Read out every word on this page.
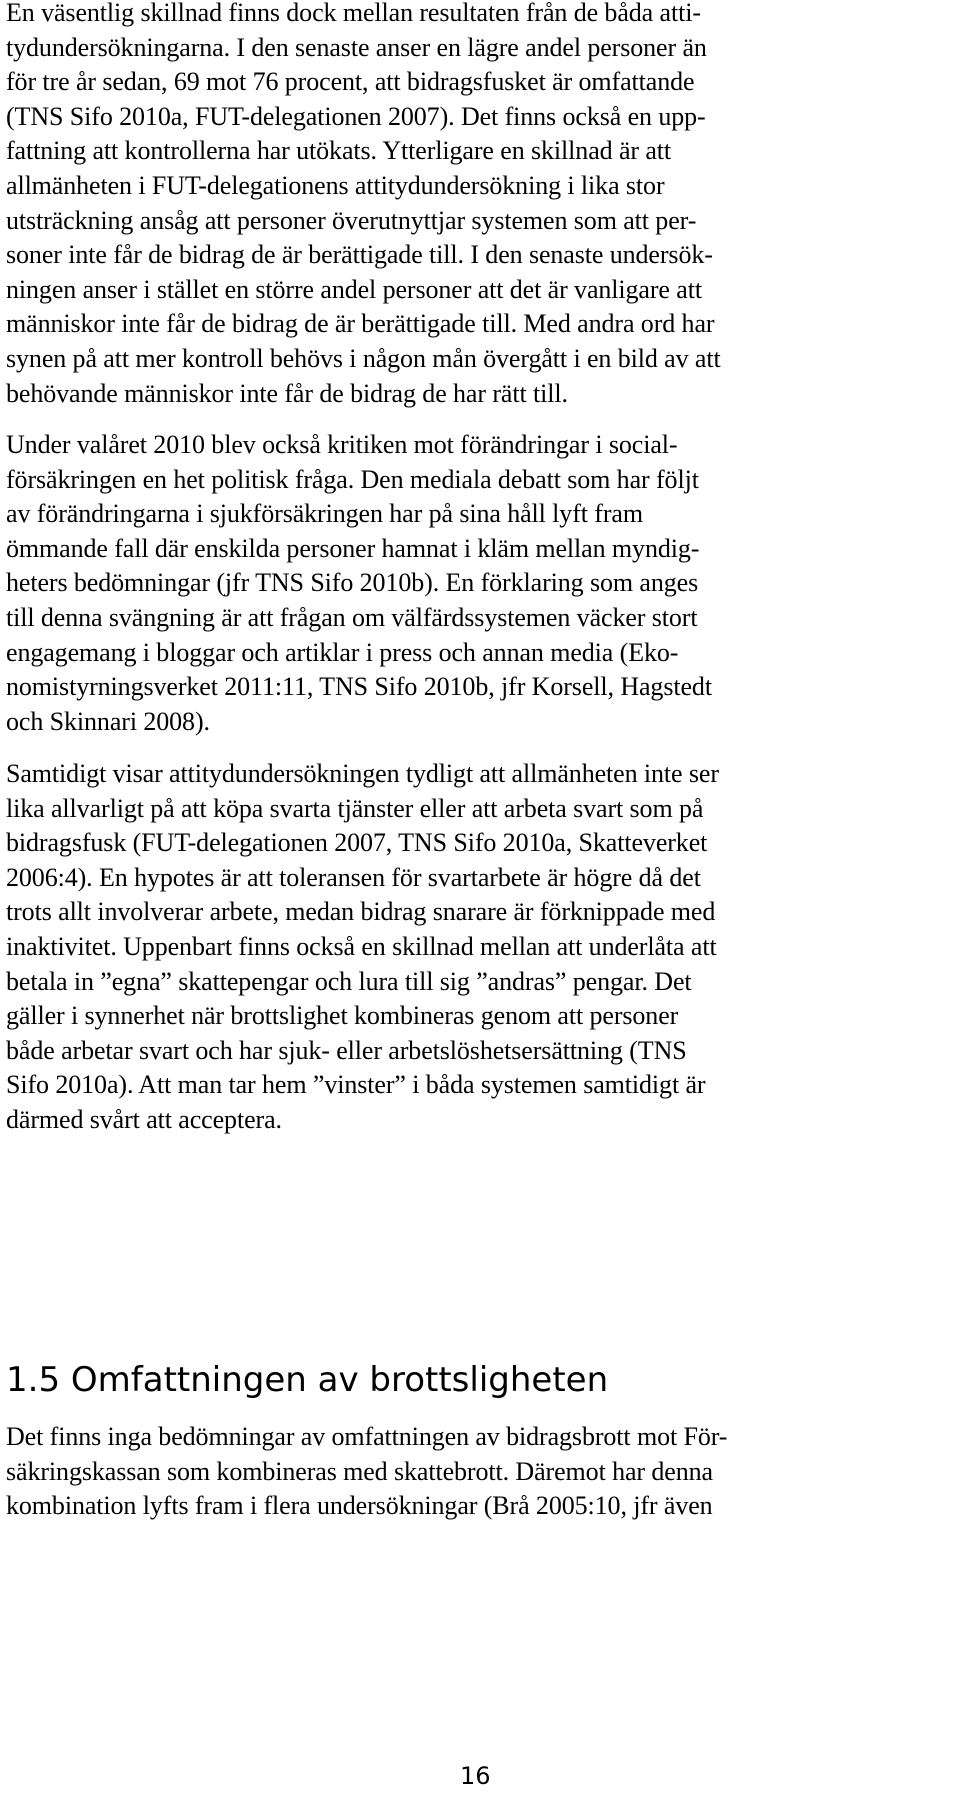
En väsentlig skillnad finns dock mellan resultaten från de båda atti-
tydundersökningarna. I den senaste anser en lägre andel personer än
för tre år sedan, 69 mot 76 procent, att bidragsfusket är omfattande
(TNS Sifo 2010a, FUT-delegationen 2007). Det finns också en upp-
fattning att kontrollerna har utökats. Ytterligare en skillnad är att
allmänheten i FUT-delegationens attitydundersökning i lika stor
utsträckning ansåg att personer överutnyttjar systemen som att per-
soner inte får de bidrag de är berättigade till. I den senaste undersök-
ningen anser i stället en större andel personer att det är vanligare att
människor inte får de bidrag de är berättigade till. Med andra ord har
synen på att mer kontroll behövs i någon mån övergått i en bild av att
behövande människor inte får de bidrag de har rätt till.
Under valåret 2010 blev också kritiken mot förändringar i social-
försäkringen en het politisk fråga. Den mediala debatt som har följt
av förändringarna i sjukförsäkringen har på sina håll lyft fram
ömmande fall där enskilda personer hamnat i kläm mellan myndig-
heters bedömningar (jfr TNS Sifo 2010b). En förklaring som anges
till denna svängning är att frågan om välfärdssystemen väcker stort
engagemang i bloggar och artiklar i press och annan media (Eko-
nomistyrningsverket 2011:11, TNS Sifo 2010b, jfr Korsell, Hagstedt
och Skinnari 2008).
Samtidigt visar attitydundersökningen tydligt att allmänheten inte ser
lika allvarligt på att köpa svarta tjänster eller att arbeta svart som på
bidragsfusk (FUT-delegationen 2007, TNS Sifo 2010a, Skatteverket
2006:4). En hypotes är att toleransen för svartarbete är högre då det
trots allt involverar arbete, medan bidrag snarare är förknippade med
inaktivitet. Uppenbart finns också en skillnad mellan att underlåta att
betala in ”egna” skattepengar och lura till sig ”andras” pengar. Det
gäller i synnerhet när brottslighet kombineras genom att personer
både arbetar svart och har sjuk- eller arbetslöshetsersättning (TNS
Sifo 2010a). Att man tar hem ”vinster” i båda systemen samtidigt är
därmed svårt att acceptera.
1.5 Omfattningen av brottsligheten
Det finns inga bedömningar av omfattningen av bidragsbrott mot För-
säkringskassan som kombineras med skattebrott. Däremot har denna
kombination lyfts fram i flera undersökningar (Brå 2005:10, jfr även
16
